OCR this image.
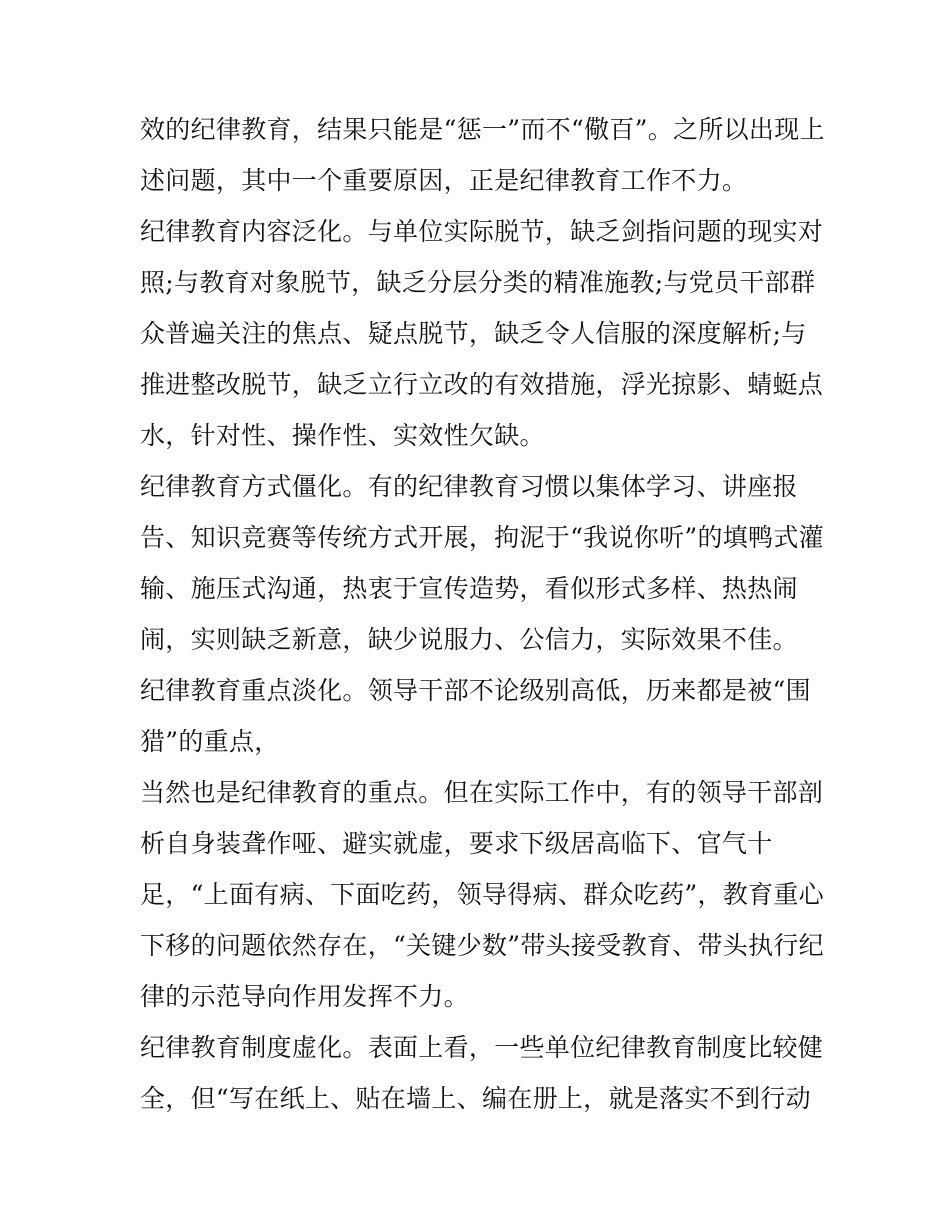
效的纪律教育，结果只能是“惩一”而不“儆百”。之所以出现上
述问题，其中一个重要原因，正是纪律教育工作不力。
纪律教育内容泛化。与单位实际脱节，缺乏剑指问题的现实对
照;与教育对象脱节，缺乏分层分类的精准施教;与党员干部群
众普遍关注的焦点、疑点脱节，缺乏令人信服的深度解析;与
推进整改脱节，缺乏立行立改的有效措施，浮光掠影、蜻蜓点
水，针对性、操作性、实效性欠缺。
纪律教育方式僵化。有的纪律教育习惯以集体学习、讲座报
告、知识竞赛等传统方式开展，拘泥于“我说你听”的填鸭式灌
输、施压式沟通，热衷于宣传造势，看似形式多样、热热闹
闹，实则缺乏新意，缺少说服力、公信力，实际效果不佳。
纪律教育重点淡化。领导干部不论级别高低，历来都是被“围
猎”的重点，
当然也是纪律教育的重点。但在实际工作中，有的领导干部剖
析自身装聋作哑、避实就虚，要求下级居高临下、官气十
足，“上面有病、下面吃药，领导得病、群众吃药”，教育重心
下移的问题依然存在，“关键少数”带头接受教育、带头执行纪
律的示范导向作用发挥不力。
纪律教育制度虚化。表面上看，一些单位纪律教育制度比较健
全，但“写在纸上、贴在墙上、编在册上，就是落实不到行动
